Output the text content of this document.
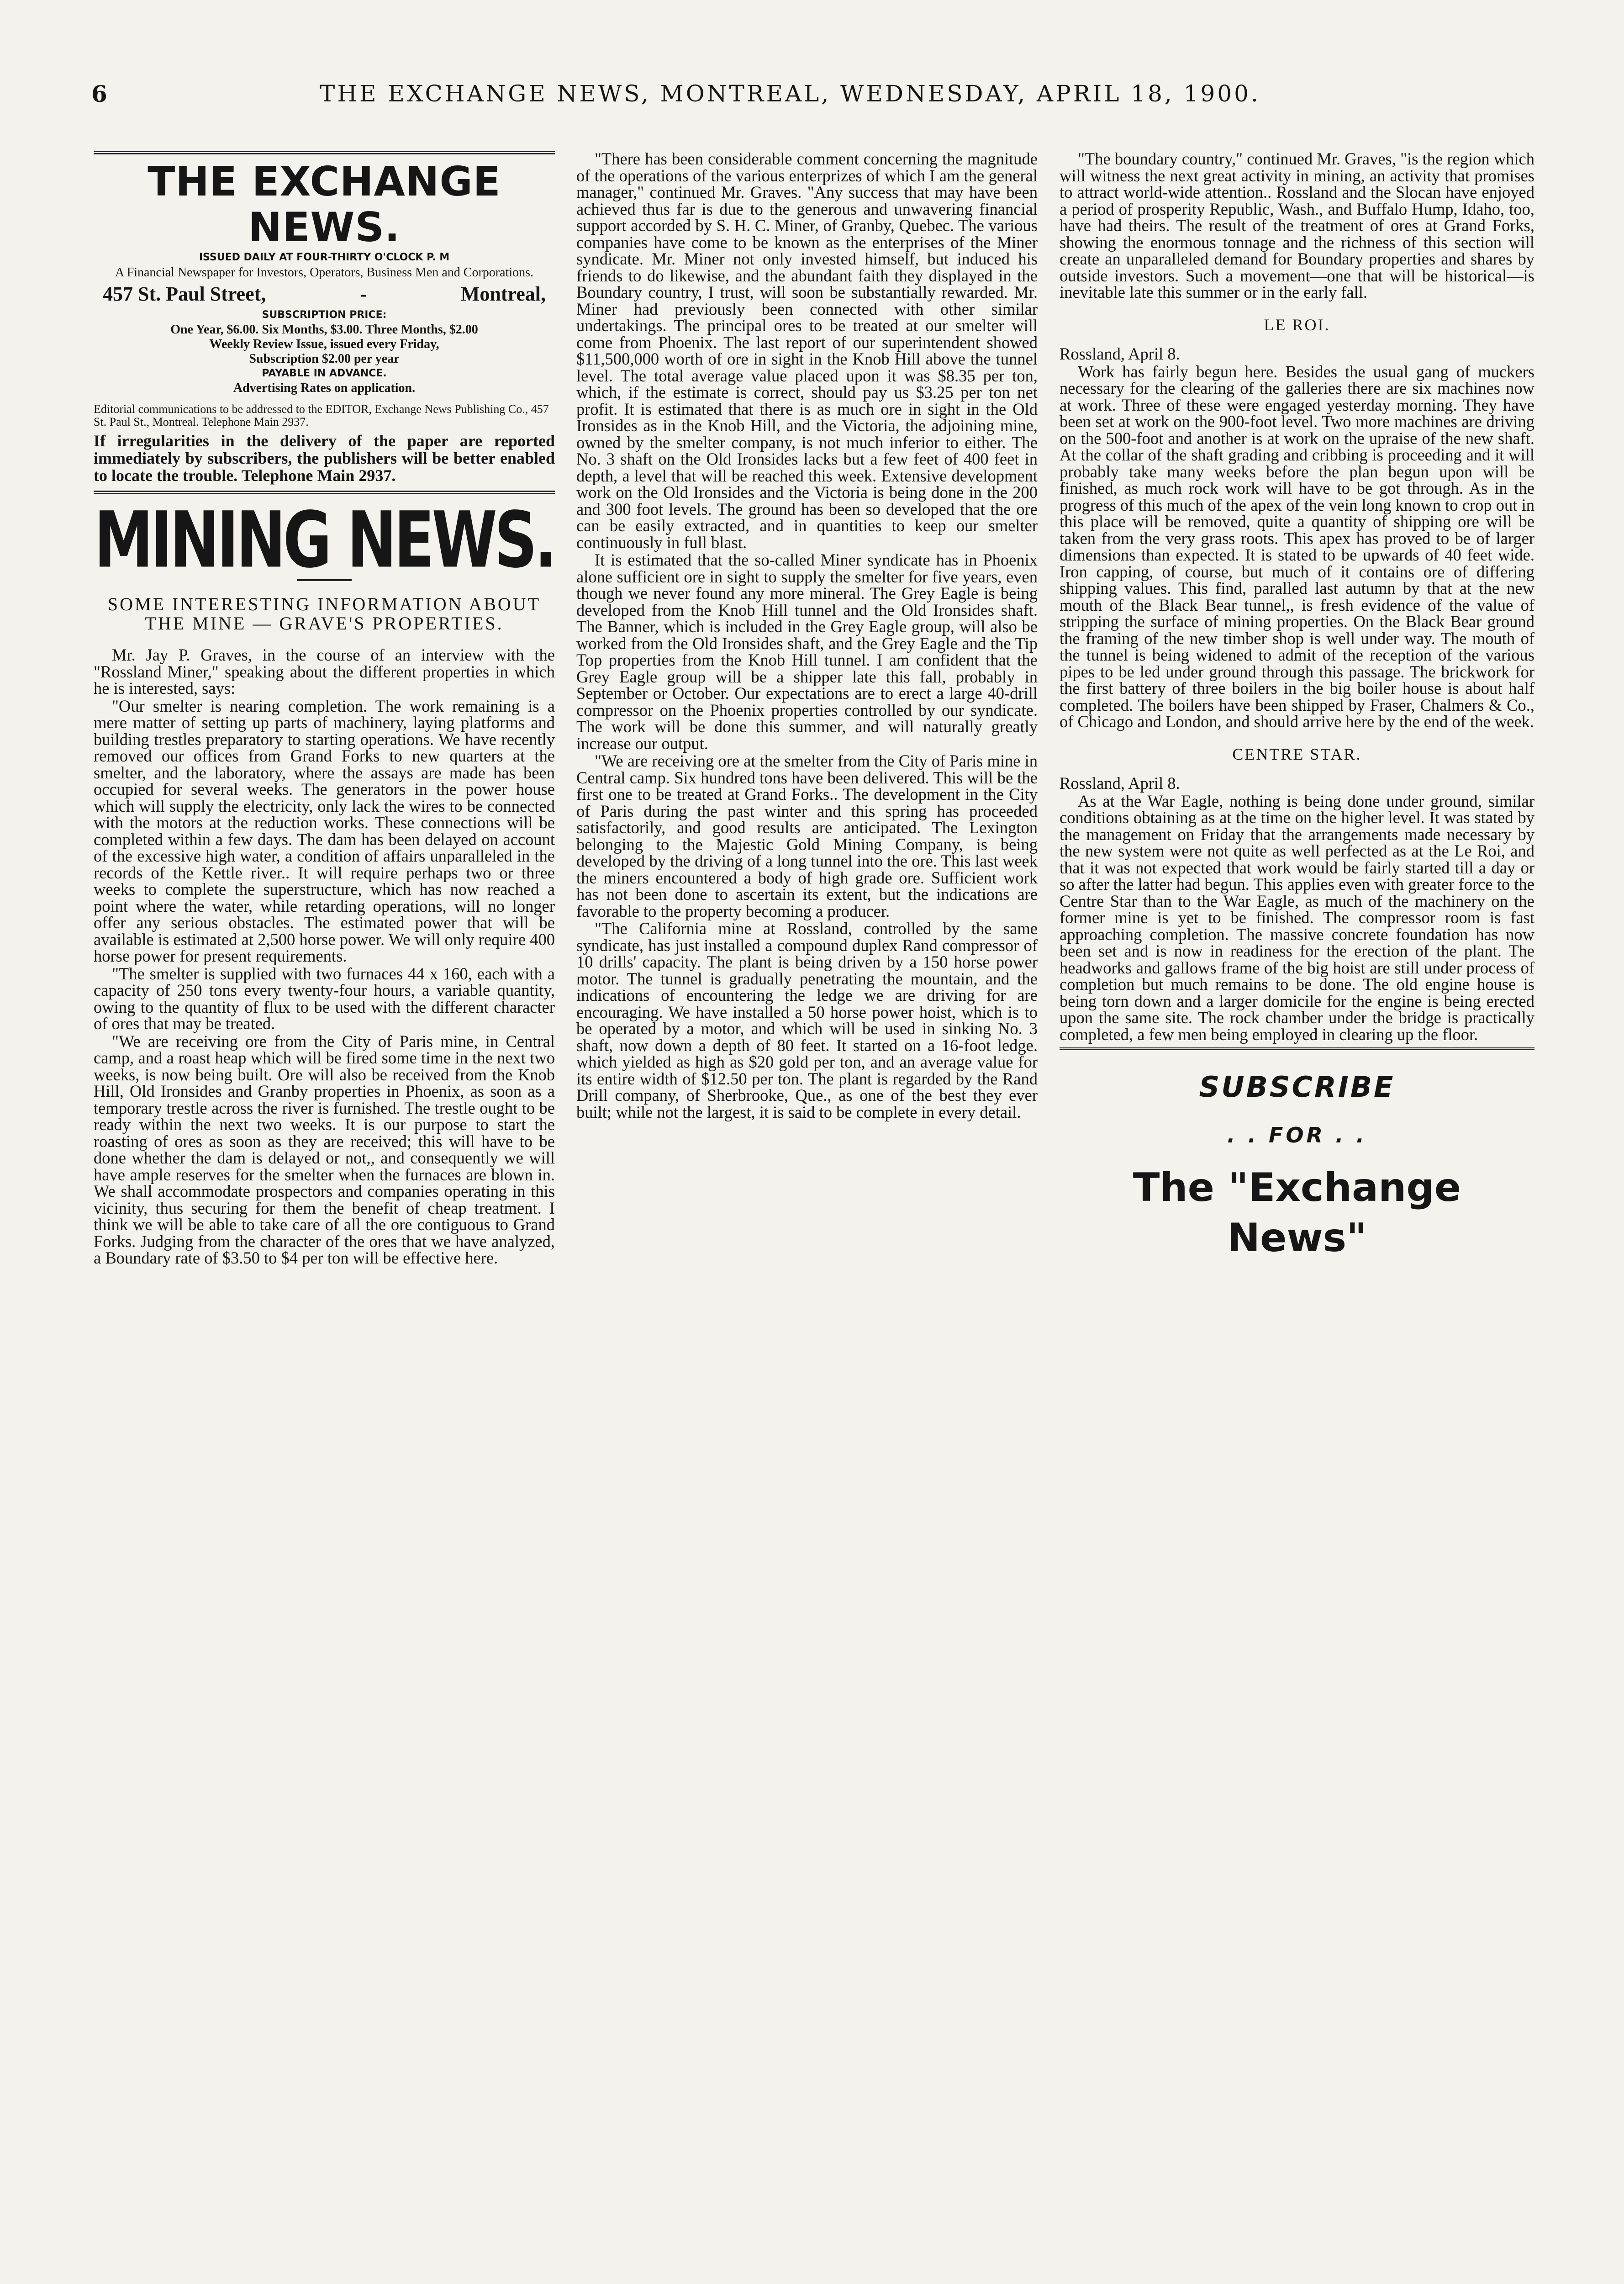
6	THE EXCHANGE NEWS, MONTREAL, WEDNESDAY, APRIL 18, 1900.
THE EXCHANGE NEWS.
ISSUED DAILY AT FOUR-THIRTY O'CLOCK P. M
A Financial Newspaper for Investors, Operators, Business Men and Corporations.
457 St. Paul Street,	-	Montreal,
SUBSCRIPTION PRICE:
One Year, $6.00. Six Months, $3.00. Three Months, $2.00
Weekly Review Issue, issued every Friday,
Subscription $2.00 per year
PAYABLE IN ADVANCE.
Advertising Rates on application.
Editorial communications to be addressed to the EDITOR, Exchange News Publishing Co., 457 St. Paul St., Montreal. Telephone Main 2937.
If irregularities in the delivery of the paper are reported immediately by subscribers, the publishers will be better enabled to locate the trouble. Telephone Main 2937.
MINING NEWS.
SOME INTERESTING INFORMATION ABOUT THE MINE — GRAVE'S PROPERTIES.

Mr. Jay P. Graves, in the course of an interview with the "Rossland Miner," speaking about the different properties in which he is interested, says:

"Our smelter is nearing completion. The work remaining is a mere matter of setting up parts of machinery, laying platforms and building trestles preparatory to starting operations. We have recently removed our offices from Grand Forks to new quarters at the smelter, and the laboratory, where the assays are made has been occupied for several weeks. The generators in the power house which will supply the electricity, only lack the wires to be connected with the motors at the reduction works. These connections will be completed within a few days. The dam has been delayed on account of the excessive high water, a condition of affairs unparalleled in the records of the Kettle river.. It will require perhaps two or three weeks to complete the superstructure, which has now reached a point where the water, while retarding operations, will no longer offer any serious obstacles. The estimated power that will be available is estimated at 2,500 horse power. We will only require 400 horse power for present requirements.

"The smelter is supplied with two furnaces 44 x 160, each with a capacity of 250 tons every twenty-four hours, a variable quantity, owing to the quantity of flux to be used with the different character of ores that may be treated.

"We are receiving ore from the City of Paris mine, in Central camp, and a roast heap which will be fired some time in the next two weeks, is now being built. Ore will also be received from the Knob Hill, Old Ironsides and Granby properties in Phoenix, as soon as a temporary trestle across the river is furnished. The trestle ought to be ready within the next two weeks. It is our purpose to start the roasting of ores as soon as they are received; this will have to be done whether the dam is delayed or not,, and consequently we will have ample reserves for the smelter when the furnaces are blown in. We shall accommodate prospectors and companies operating in this vicinity, thus securing for them the benefit of cheap treatment. I think we will be able to take care of all the ore contiguous to Grand Forks. Judging from the character of the ores that we have analyzed, a Boundary rate of $3.50 to $4 per ton will be effective here.

"There has been considerable comment concerning the magnitude of the operations of the various enterprizes of which I am the general manager," continued Mr. Graves. "Any success that may have been achieved thus far is due to the generous and unwavering financial support accorded by S. H. C. Miner, of Granby, Quebec. The various companies have come to be known as the enterprises of the Miner syndicate. Mr. Miner not only invested himself, but induced his friends to do likewise, and the abundant faith they displayed in the Boundary country, I trust, will soon be substantially rewarded. Mr. Miner had previously been connected with other similar undertakings. The principal ores to be treated at our smelter will come from Phoenix. The last report of our superintendent showed $11,500,000 worth of ore in sight in the Knob Hill above the tunnel level. The total average value placed upon it was $8.35 per ton, which, if the estimate is correct, should pay us $3.25 per ton net profit. It is estimated that there is as much ore in sight in the Old Ironsides as in the Knob Hill, and the Victoria, the adjoining mine, owned by the smelter company, is not much inferior to either. The No. 3 shaft on the Old Ironsides lacks but a few feet of 400 feet in depth, a level that will be reached this week. Extensive development work on the Old Ironsides and the Victoria is being done in the 200 and 300 foot levels. The ground has been so developed that the ore can be easily extracted, and in quantities to keep our smelter continuously in full blast.

It is estimated that the so-called Miner syndicate has in Phoenix alone sufficient ore in sight to supply the smelter for five years, even though we never found any more mineral. The Grey Eagle is being developed from the Knob Hill tunnel and the Old Ironsides shaft. The Banner, which is included in the Grey Eagle group, will also be worked from the Old Ironsides shaft, and the Grey Eagle and the Tip Top properties from the Knob Hill tunnel. I am confident that the Grey Eagle group will be a shipper late this fall, probably in September or October. Our expectations are to erect a large 40-drill compressor on the Phoenix properties controlled by our syndicate. The work will be done this summer, and will naturally greatly increase our output.

"We are receiving ore at the smelter from the City of Paris mine in Central camp. Six hundred tons have been delivered. This will be the first one to be treated at Grand Forks.. The development in the City of Paris during the past winter and this spring has proceeded satisfactorily, and good results are anticipated. The Lexington belonging to the Majestic Gold Mining Company, is being developed by the driving of a long tunnel into the ore. This last week the miners encountered a body of high grade ore. Sufficient work has not been done to ascertain its extent, but the indications are favorable to the property becoming a producer.

"The California mine at Rossland, controlled by the same syndicate, has just installed a compound duplex Rand compressor of 10 drills' capacity. The plant is being driven by a 150 horse power motor. The tunnel is gradually penetrating the mountain, and the indications of encountering the ledge we are driving for are encouraging. We have installed a 50 horse power hoist, which is to be operated by a motor, and which will be used in sinking No. 3 shaft, now down a depth of 80 feet. It started on a 16-foot ledge. which yielded as high as $20 gold per ton, and an average value for its entire width of $12.50 per ton. The plant is regarded by the Rand Drill company, of Sherbrooke, Que., as one of the best they ever built; while not the largest, it is said to be complete in every detail.

"The boundary country," continued Mr. Graves, "is the region which will witness the next great activity in mining, an activity that promises to attract world-wide attention.. Rossland and the Slocan have enjoyed a period of prosperity Republic, Wash., and Buffalo Hump, Idaho, too, have had theirs. The result of the treatment of ores at Grand Forks, showing the enormous tonnage and the richness of this section will create an unparalleled demand for Boundary properties and shares by outside investors. Such a movement—one that will be historical—is inevitable late this summer or in the early fall.

LE ROI.

Rossland, April 8.

Work has fairly begun here. Besides the usual gang of muckers necessary for the clearing of the galleries there are six machines now at work. Three of these were engaged yesterday morning. They have been set at work on the 900-foot level. Two more machines are driving on the 500-foot and another is at work on the upraise of the new shaft. At the collar of the shaft grading and cribbing is proceeding and it will probably take many weeks before the plan begun upon will be finished, as much rock work will have to be got through. As in the progress of this much of the apex of the vein long known to crop out in this place will be removed, quite a quantity of shipping ore will be taken from the very grass roots. This apex has proved to be of larger dimensions than expected. It is stated to be upwards of 40 feet wide. Iron capping, of course, but much of it contains ore of differing shipping values. This find, paralled last autumn by that at the new mouth of the Black Bear tunnel,, is fresh evidence of the value of stripping the surface of mining properties. On the Black Bear ground the framing of the new timber shop is well under way. The mouth of the tunnel is being widened to admit of the reception of the various pipes to be led under ground through this passage. The brickwork for the first battery of three boilers in the big boiler house is about half completed. The boilers have been shipped by Fraser, Chalmers & Co., of Chicago and London, and should arrive here by the end of the week.

CENTRE STAR.

Rossland, April 8.

As at the War Eagle, nothing is being done under ground, similar conditions obtaining as at the time on the higher level. It was stated by the management on Friday that the arrangements made necessary by the new system were not quite as well perfected as at the Le Roi, and that it was not expected that work would be fairly started till a day or so after the latter had begun. This applies even with greater force to the Centre Star than to the War Eagle, as much of the machinery on the former mine is yet to be finished. The compressor room is fast approaching completion. The massive concrete foundation has now been set and is now in readiness for the erection of the plant. The headworks and gallows frame of the big hoist are still under process of completion but much remains to be done. The old engine house is being torn down and a larger domicile for the engine is being erected upon the same site. The rock chamber under the bridge is practically completed, a few men being employed in clearing up the floor.

SUBSCRIBE
. . FOR . .
The "Exchange News"
